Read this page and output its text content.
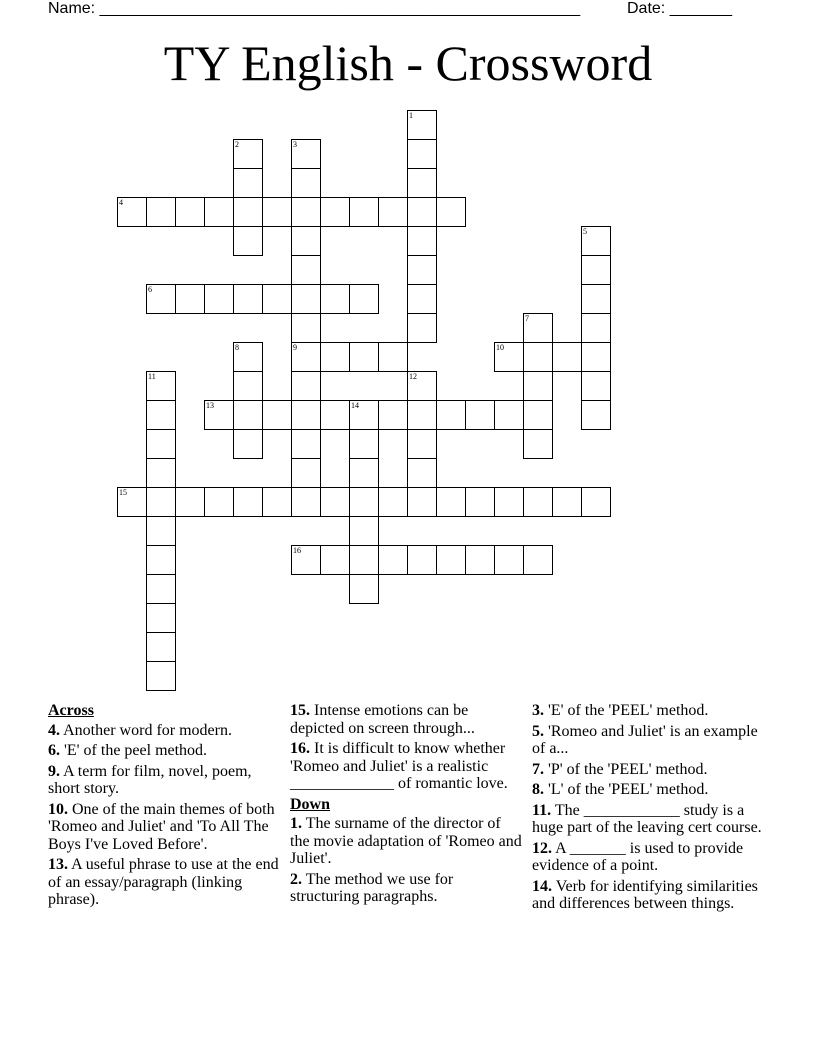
Name: ______________________________________________________	Date: _______
TY English - Crossword
1
2	3
9
4
5
6
7
8	10
11	12
13	14
15
16
Across
4. Another word for modern.
6. 'E' of the peel method.
9. A term for film, novel, poem, short story.
10. One of the main themes of both 'Romeo and Juliet' and 'To All The Boys I've Loved Before'.
13. A useful phrase to use at the end of an essay/paragraph (linking phrase).
15. Intense emotions can be depicted on screen through...
16. It is difficult to know whether 'Romeo and Juliet' is a realistic _____________ of romantic love.
Down
1. The surname of the director of the movie adaptation of 'Romeo and Juliet'.
2. The method we use for structuring paragraphs.
3. 'E' of the 'PEEL' method.
5. 'Romeo and Juliet' is an example of a...
7. 'P' of the 'PEEL' method.
8. 'L' of the 'PEEL' method.
11. The ____________ study is a huge part of the leaving cert course.
12. A _______ is used to provide evidence of a point.
14. Verb for identifying similarities and differences between things.
